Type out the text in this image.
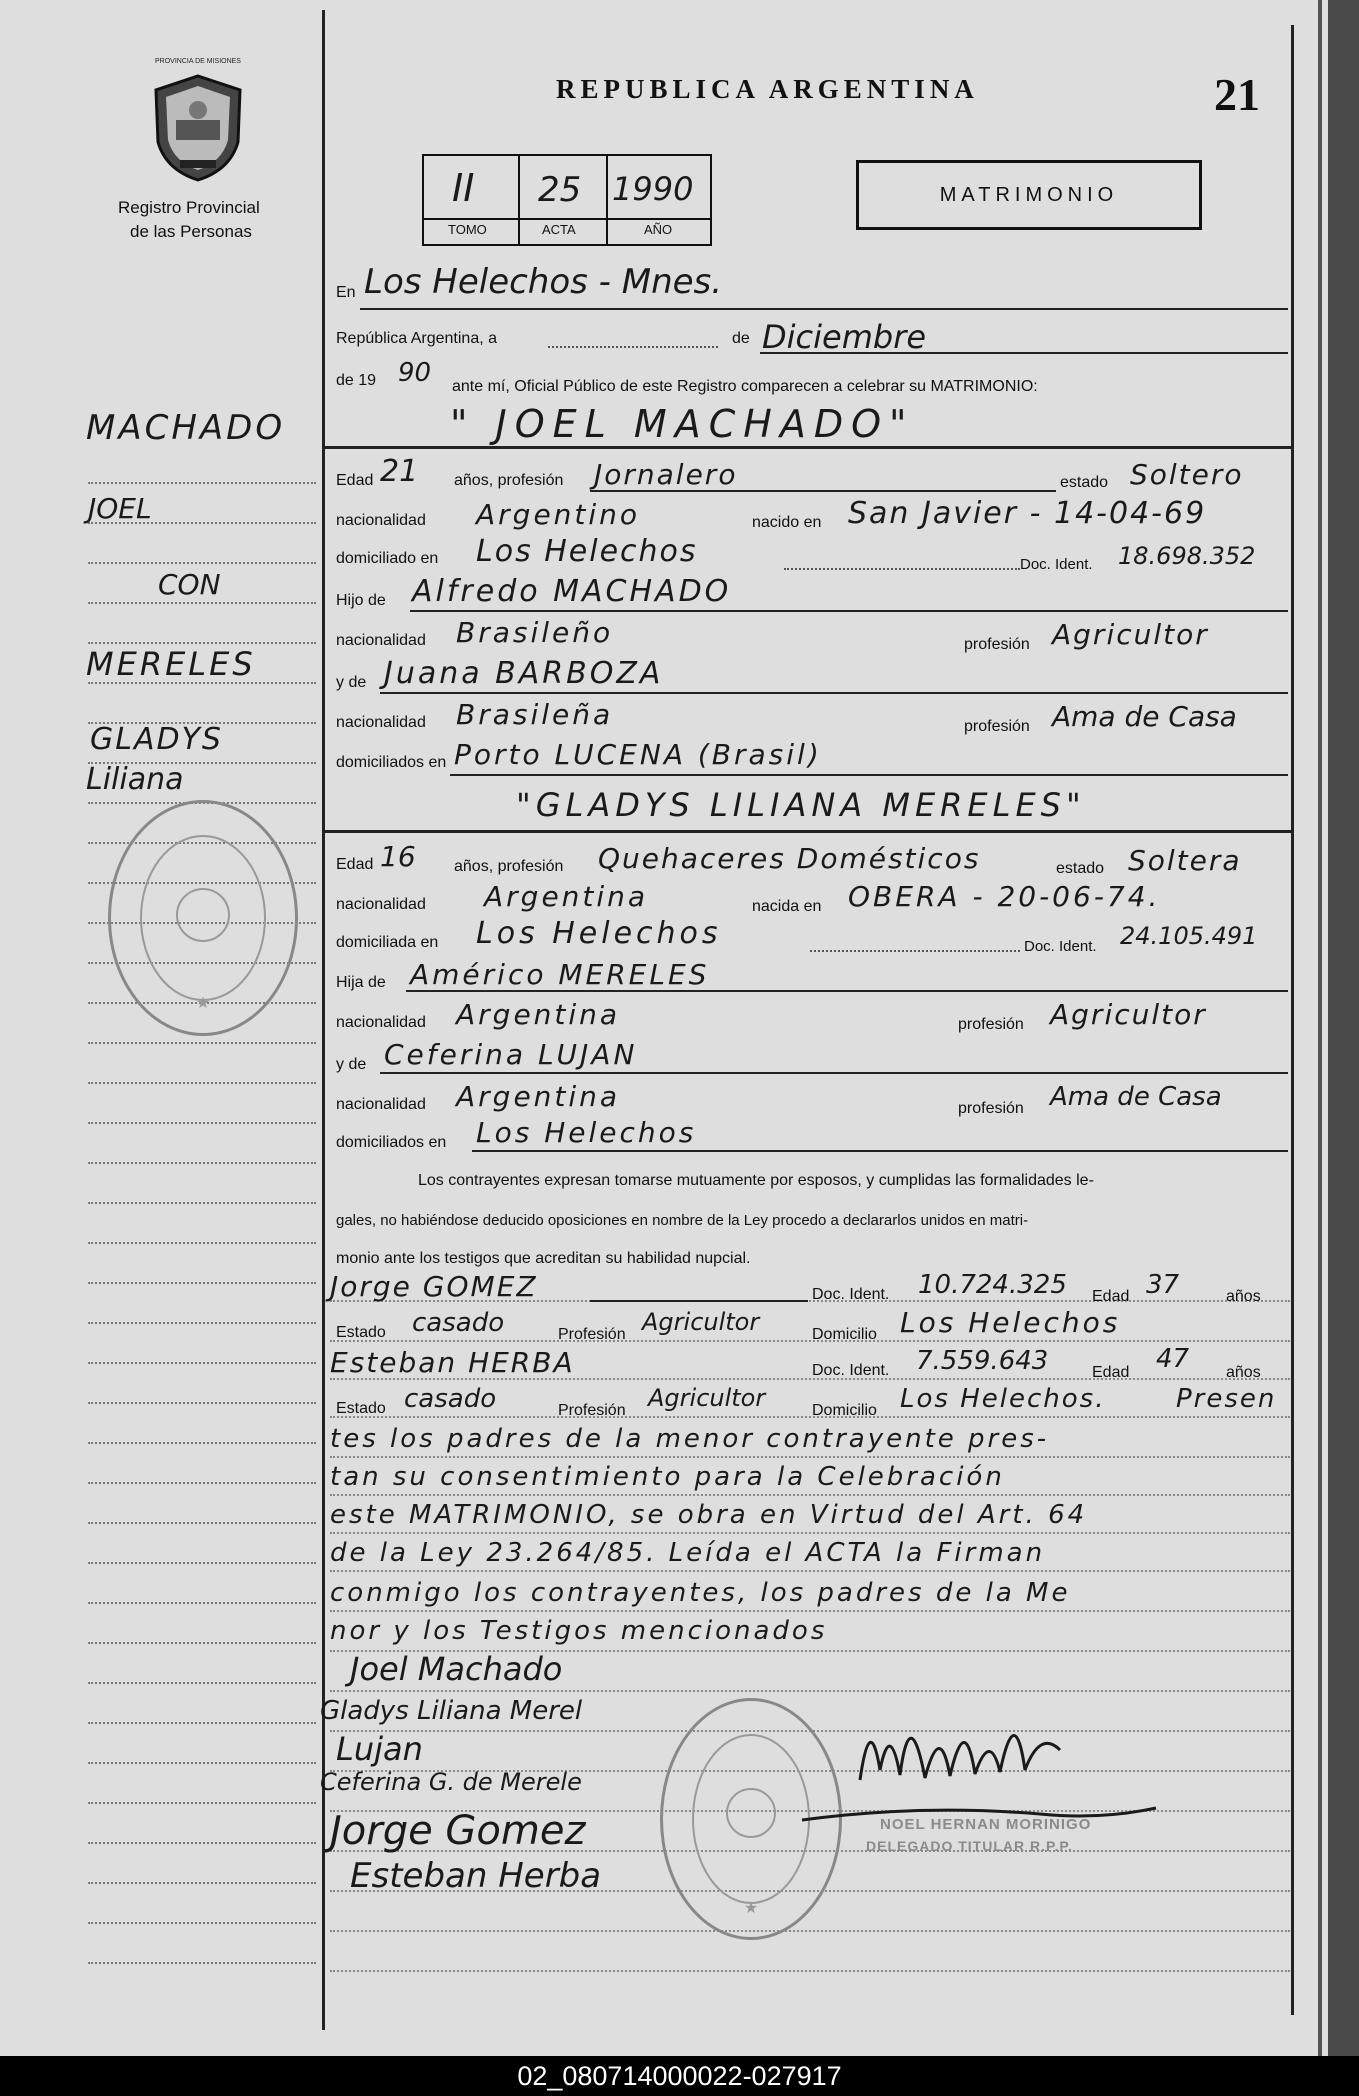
PROVINCIA DE MISIONES
Registro Provincial
de las Personas
REPUBLICA ARGENTINA	21
II 25 1990
TOMO	ACTA	AÑO
MATRIMONIO
MACHADO
JOEL
CON
MERELES
GLADYS
Liliana
★
En Los Helechos - Mnes.
República Argentina, a	de Diciembre
de 19 90 ante mí, Oficial Público de este Registro comparecen a celebrar su MATRIMONIO:
" JOEL MACHADO"
Edad 21 años, profesión Jornalero	estado Soltero
nacionalidad Argentino	nacido en San Javier - 14-04-69
domiciliado en Los Helechos	Doc. Ident. 18.698.352
Hijo de Alfredo MACHADO
nacionalidad Brasileño	profesión Agricultor
y de Juana BARBOZA
nacionalidad Brasileña	profesión Ama de Casa
domiciliados en Porto LUCENA (Brasil)
"GLADYS LILIANA MERELES"
Edad 16 años, profesión Quehaceres Domésticos	estado Soltera
nacionalidad Argentina	nacida en OBERA - 20-06-74.
domiciliada en Los Helechos	Doc. Ident. 24.105.491
Hija de Américo MERELES
nacionalidad Argentina	profesión Agricultor
y de Ceferina LUJAN
nacionalidad Argentina	profesión Ama de Casa
domiciliados en Los Helechos
Los contrayentes expresan tomarse mutuamente por esposos, y cumplidas las formalidades le-
gales, no habiéndose deducido oposiciones en nombre de la Ley procedo a declararlos unidos en matri-
monio ante los testigos que acreditan su habilidad nupcial.
Jorge GOMEZ	Doc. Ident. 10.724.325 Edad 37	años
Estado casado	Profesión Agricultor	Domicilio Los Helechos
Esteban HERBA	Doc. Ident. 7.559.643	Edad 47 años
Estado casado	Profesión Agricultor	Domicilio Los Helechos.	Presen
tes los padres de la menor contrayente pres-
tan su consentimiento para la Celebración
este MATRIMONIO, se obra en Virtud del Art. 64
de la Ley 23.264/85. Leída el ACTA la Firman
conmigo los contrayentes, los padres de la Me
nor y los Testigos mencionados
Joel Machado
Gladys Liliana Merel
Lujan
Ceferina G. de Merele
Jorge Gomez
Esteban Herba
★
NOEL HERNAN MORINIGO
DELEGADO TITULAR R.P.P.
02_080714000022-027917
